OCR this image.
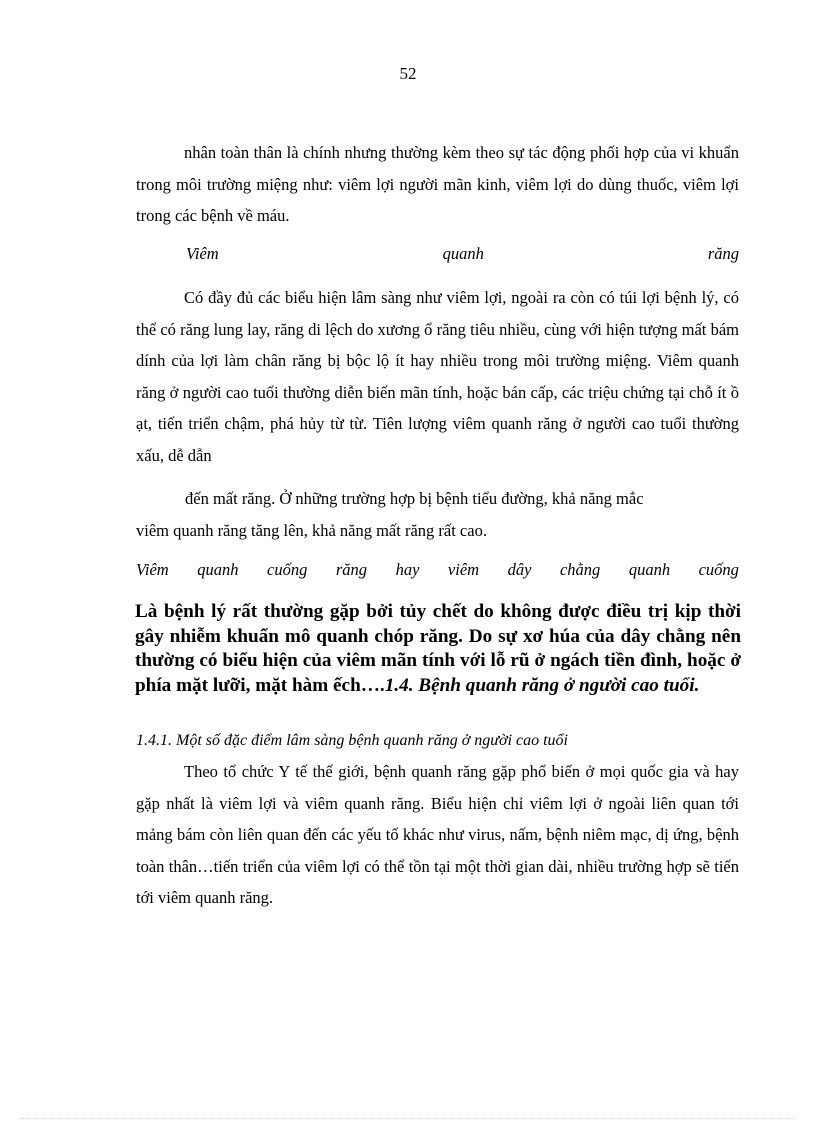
52

nhân toàn thân là chính nhưng thường kèm theo sự tác động phối hợp của vi khuẩn trong môi trường miệng như: viêm lợi người mãn kinh, viêm lợi do dùng thuốc, viêm lợi trong các bệnh về máu.

Viêm	quanh	răng

Có đầy đủ các biểu hiện lâm sàng như viêm lợi, ngoài ra còn có túi lợi bệnh lý, có thể có răng lung lay, răng di lệch do xương ổ răng tiêu nhiều, cùng với hiện tượng mất bám dính của lợi làm chân răng bị bộc lộ ít hay nhiều trong môi trường miệng. Viêm quanh răng ở người cao tuổi thường diễn biến mãn tính, hoặc bán cấp, các triệu chứng tại chỗ ít ồ ạt, tiến triển chậm, phá hủy từ từ. Tiên lượng viêm quanh răng ở người cao tuổi thường xấu, dễ dẫn

đến mất răng. Ở những trường hợp bị bệnh tiểu đường, khả năng mắc
viêm quanh răng tăng lên, khả năng mất răng rất cao.
Viêm quanh cuống răng hay viêm dây chằng quanh cuống

Là bệnh lý rất thường gặp bởi tủy chết do không được điều trị kịp thời gây nhiễm khuẩn mô quanh chóp răng. Do sự xơ húa của dây chằng nên thường có biểu hiện của viêm mãn tính với lỗ rũ ở ngách tiền đình, hoặc ở phía mặt lưỡi, mặt hàm ếch….1.4. Bệnh quanh răng ở người cao tuổi.

1.4.1. Một số đặc điểm lâm sàng bệnh quanh răng ở người cao tuổi

Theo tổ chức Y tế thế giới, bệnh quanh răng gặp phổ biến ở mọi quốc gia và hay gặp nhất là viêm lợi và viêm quanh răng. Biểu hiện chỉ viêm lợi ở ngoài liên quan tới mảng bám còn liên quan đến các yếu tố khác như virus, nấm, bệnh niêm mạc, dị ứng, bệnh toàn thân…tiến triển của viêm lợi có thể tồn tại một thời gian dài, nhiều trường hợp sẽ tiến tới viêm quanh răng.
